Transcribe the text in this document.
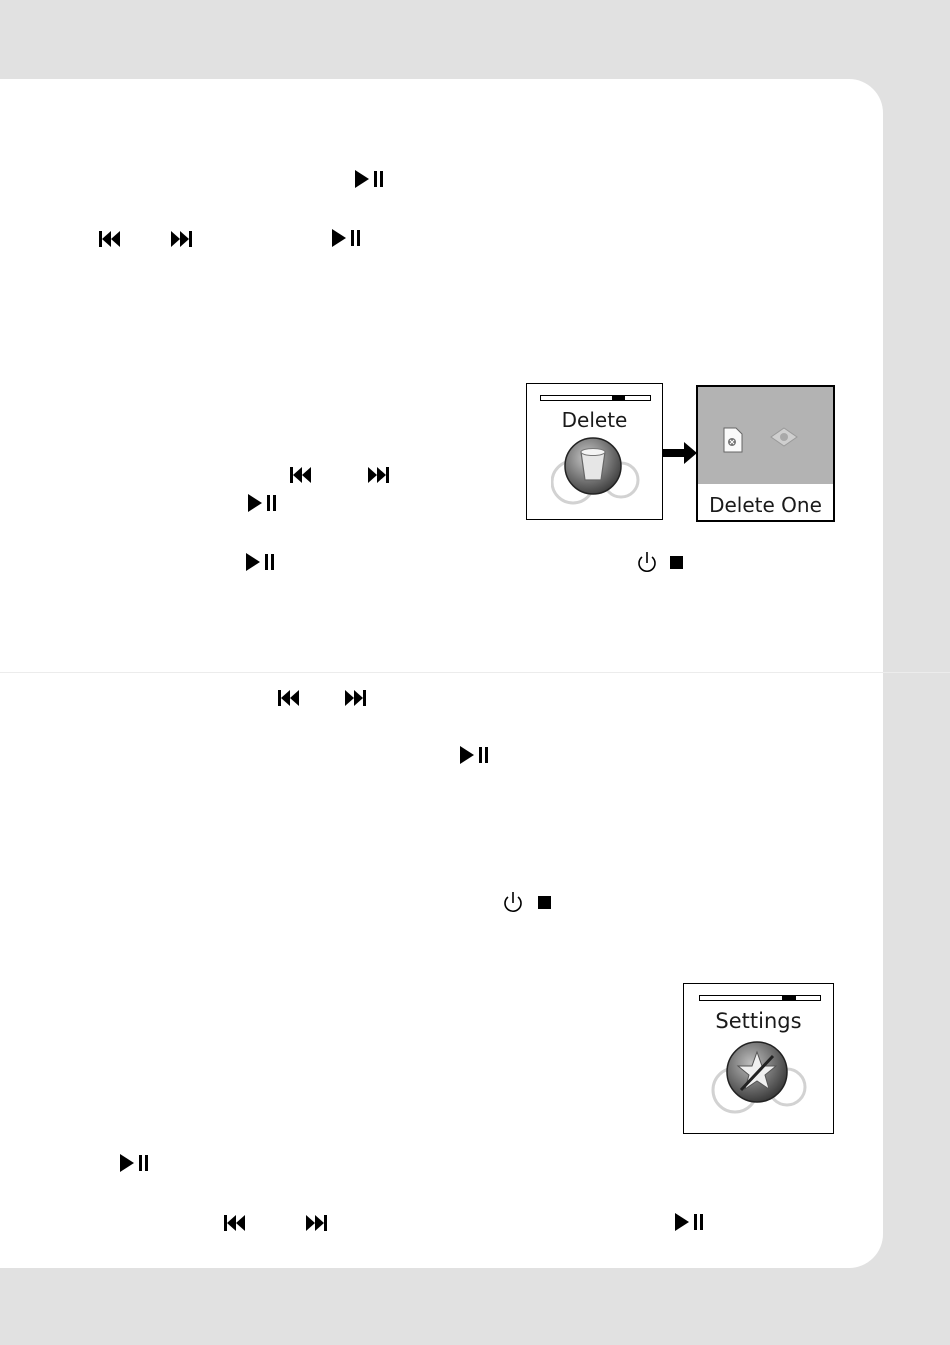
Delete
Delete One
Settings
